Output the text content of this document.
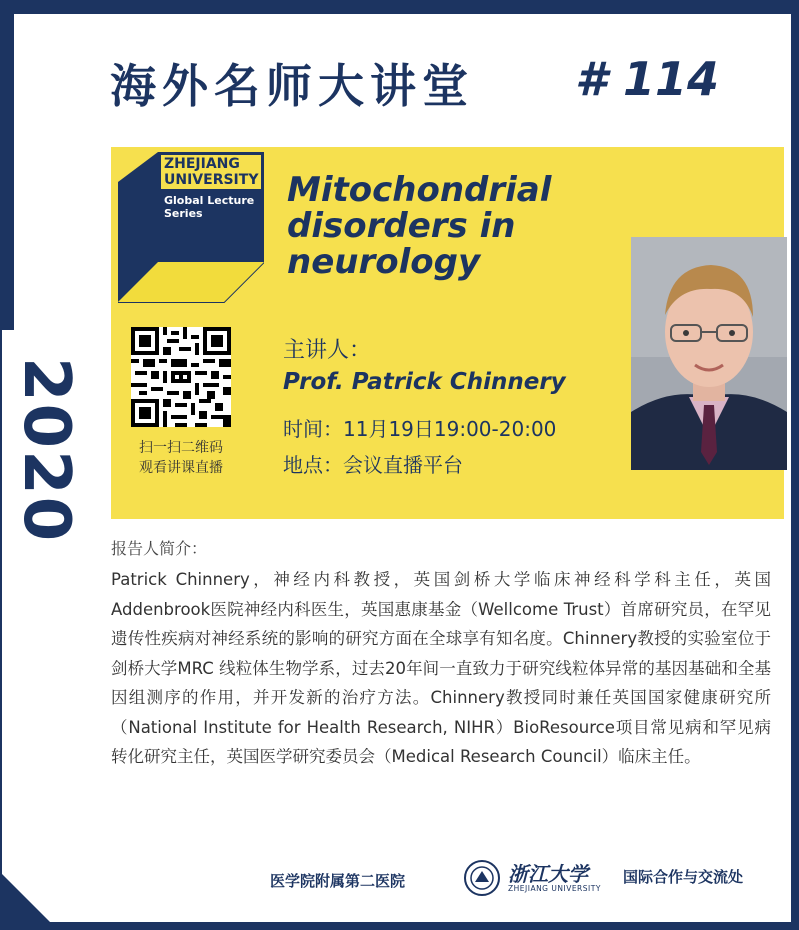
2020
海外名师大讲堂 # 114
ZHEJIANG UNIVERSITY
Global Lecture Series
Mitochondrial disorders in neurology
扫一扫二维码
观看讲课直播
主讲人：
Prof. Patrick Chinnery
时间：11月19日19:00-20:00
地点：会议直播平台
报告人简介：
Patrick Chinnery，神经内科教授，英国剑桥大学临床神经科学科主任，英国Addenbrook医院神经内科医生，英国惠康基金（Wellcome Trust）首席研究员，在罕见遗传性疾病对神经系统的影响的研究方面在全球享有知名度。Chinnery教授的实验室位于剑桥大学MRC 线粒体生物学系，过去20年间一直致力于研究线粒体异常的基因基础和全基因组测序的作用，并开发新的治疗方法。Chinnery教授同时兼任英国国家健康研究所（National Institute for Health Research, NIHR）BioResource项目常见病和罕见病转化研究主任，英国医学研究委员会（Medical Research Council）临床主任。
医学院附属第二医院	浙江大学
ZHEJIANG UNIVERSITY
国际合作与交流处
